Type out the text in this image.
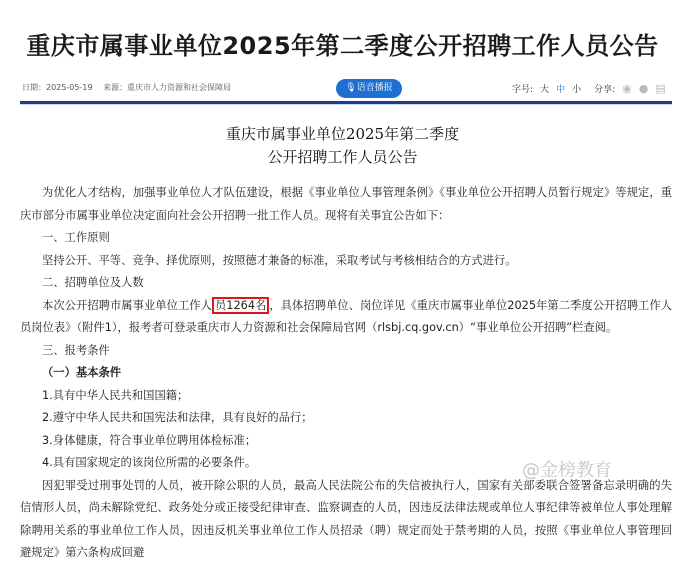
重庆市属事业单位2025年第二季度公开招聘工作人员公告
日期：2025-05-19 来源：重庆市人力资源和社会保障局	🎙语音播报	字号: 大 中 小 分享: ◉ ● ▤
重庆市属事业单位2025年第二季度
公开招聘工作人员公告

为优化人才结构，加强事业单位人才队伍建设，根据《事业单位人事管理条例》《事业单位公开招聘人员暂行规定》等规定，重庆市部分市属事业单位决定面向社会公开招聘一批工作人员。现将有关事宜公告如下：

一、工作原则

坚持公开、平等、竞争、择优原则，按照德才兼备的标准，采取考试与考核相结合的方式进行。

二、招聘单位及人数

本次公开招聘市属事业单位工作人 员1264名 ，具体招聘单位、岗位详见《重庆市属事业单位2025年第二季度公开招聘工作人员岗位表》（附件1），报考者可登录重庆市人力资源和社会保障局官网（rlsbj.cq.gov.cn）“事业单位公开招聘”栏查阅。

三、报考条件

（一）基本条件

1.具有中华人民共和国国籍；

2.遵守中华人民共和国宪法和法律，具有良好的品行；

3.身体健康，符合事业单位聘用体检标准；

4.具有国家规定的该岗位所需的必要条件。

因犯罪受过刑事处罚的人员，被开除公职的人员，最高人民法院公布的失信被执行人，国家有关部委联合签署备忘录明确的失信情形人员，尚未解除党纪、政务处分或正接受纪律审查、监察调查的人员，因违反法律法规或单位人事纪律等被单位人事处理解除聘用关系的事业单位工作人员，因违反机关事业单位工作人员招录（聘）规定而处于禁考期的人员，按照《事业单位人事管理回避规定》第六条构成回避

@金榜教育
